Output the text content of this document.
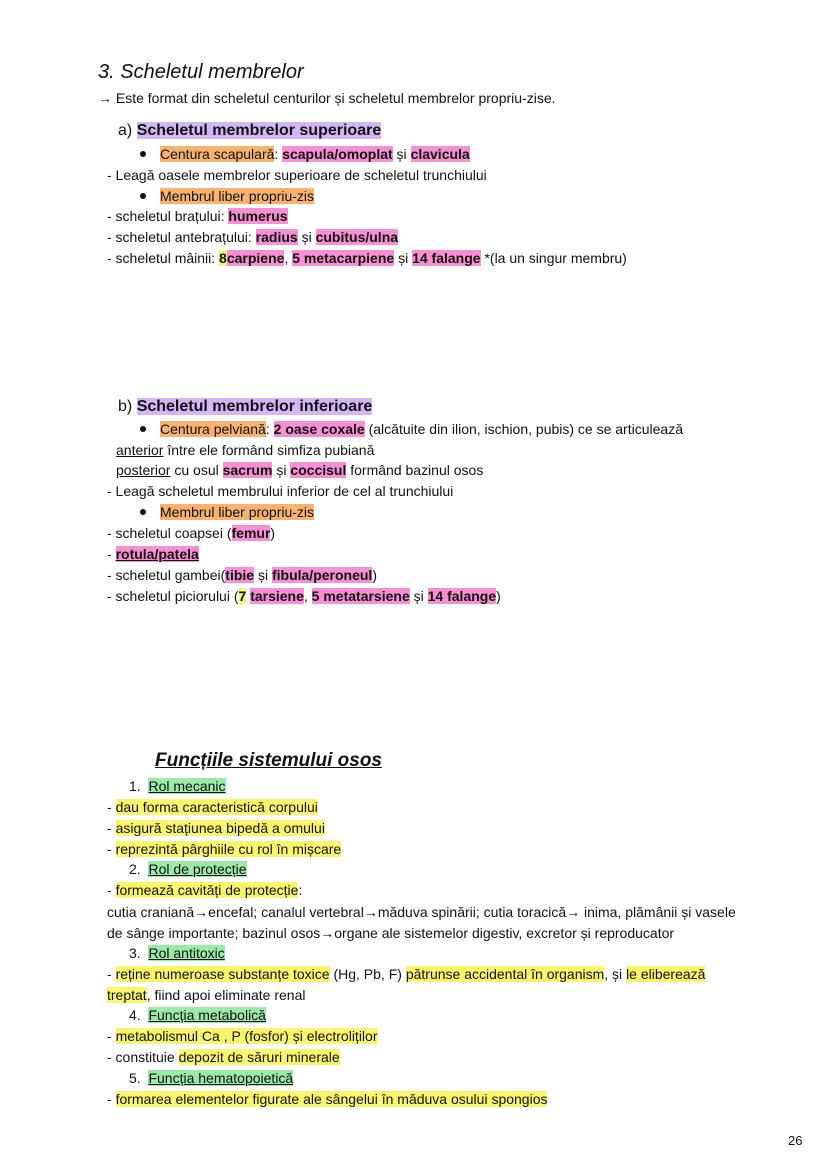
3. Scheletul membrelor
→ Este format din scheletul centurilor și scheletul membrelor propriu-zise.
a) Scheletul membrelor superioare
Centura scapulară: scapula/omoplat și clavicula
- Leagă oasele membrelor superioare de scheletul trunchiului
Membrul liber propriu-zis
- scheletul brațului: humerus
- scheletul antebrațului: radius și cubitus/ulna
- scheletul mâinii: 8carpiene, 5 metacarpiene și 14 falange *(la un singur membru)
b) Scheletul membrelor inferioare
Centura pelviană: 2 oase coxale (alcătuite din ilion, ischion, pubis) ce se articulează
anterior între ele formând simfiza pubiană
posterior cu osul sacrum și coccisul formând bazinul osos
- Leagă scheletul membrului inferior de cel al trunchiului
Membrul liber propriu-zis
- scheletul coapsei (femur)
- rotula/patela
- scheletul gambei(tibie și fibula/peroneul)
- scheletul piciorului (7 tarsiene, 5 metatarsiene și 14 falange)
Funcțiile sistemului osos
1. Rol mecanic
- dau forma caracteristică corpului
- asigură stațiunea bipedă a omului
- reprezintă pârghiile cu rol în mișcare
2. Rol de protecție
- formează cavități de protecție:
cutia craniană→encefal; canalul vertebral→măduva spinării; cutia toracică→ inima, plămânii și vasele
de sânge importante; bazinul osos→organe ale sistemelor digestiv, excretor și reproducator
3. Rol antitoxic
- reține numeroase substanțe toxice (Hg, Pb, F) pătrunse accidental în organism, și le eliberează
treptat, fiind apoi eliminate renal
4. Funcția metabolică
- metabolismul Ca , P (fosfor) și electroliților
- constituie depozit de săruri minerale
5. Funcția hematopoietică
- formarea elementelor figurate ale sângelui în măduva osului spongios
26
